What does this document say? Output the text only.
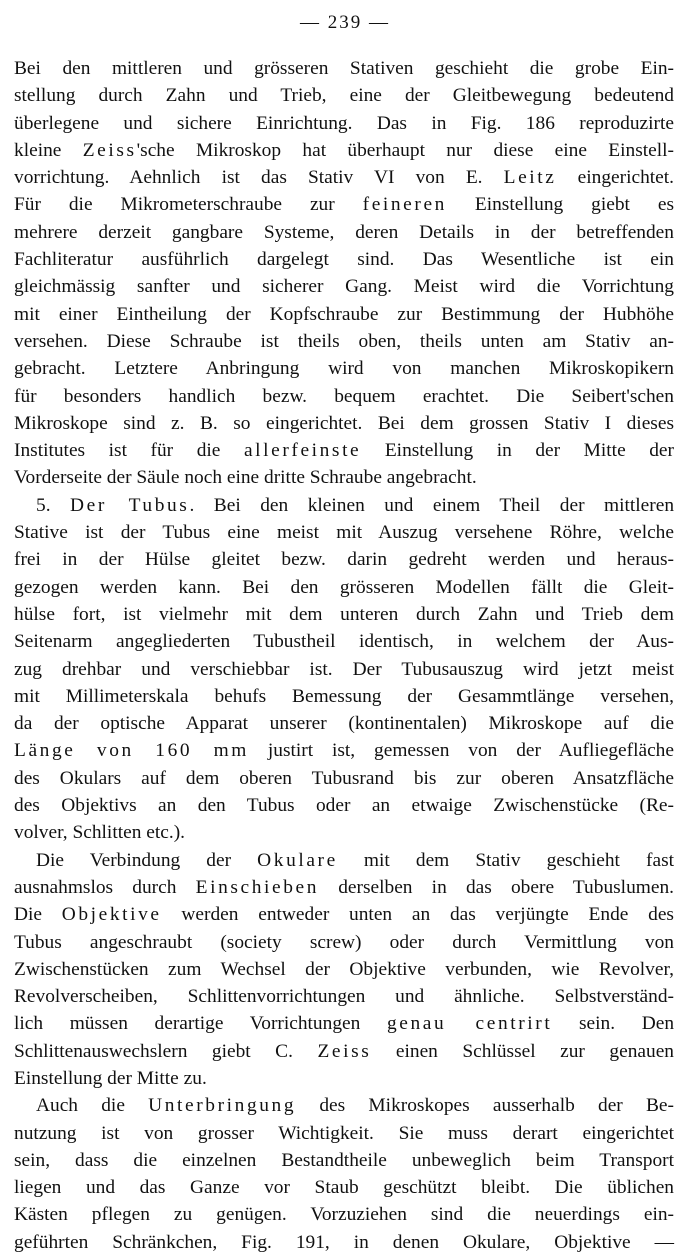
— 239 —
Bei den mittleren und grösseren Stativen geschieht die grobe Ein-
stellung durch Zahn und Trieb, eine der Gleitbewegung bedeutend
überlegene und sichere Einrichtung. Das in Fig. 186 reproduzirte
kleine Zeiss'sche Mikroskop hat überhaupt nur diese eine Einstell-
vorrichtung. Aehnlich ist das Stativ VI von E. Leitz eingerichtet.
Für die Mikrometerschraube zur feineren Einstellung giebt es
mehrere derzeit gangbare Systeme, deren Details in der betreffenden
Fachliteratur ausführlich dargelegt sind. Das Wesentliche ist ein
gleichmässig sanfter und sicherer Gang. Meist wird die Vorrichtung
mit einer Eintheilung der Kopfschraube zur Bestimmung der Hubhöhe
versehen. Diese Schraube ist theils oben, theils unten am Stativ an-
gebracht. Letztere Anbringung wird von manchen Mikroskopikern
für besonders handlich bezw. bequem erachtet. Die Seibert'schen
Mikroskope sind z. B. so eingerichtet. Bei dem grossen Stativ I dieses
Institutes ist für die allerfeinste Einstellung in der Mitte der
Vorderseite der Säule noch eine dritte Schraube angebracht.
5. Der Tubus. Bei den kleinen und einem Theil der mittleren
Stative ist der Tubus eine meist mit Auszug versehene Röhre, welche
frei in der Hülse gleitet bezw. darin gedreht werden und heraus-
gezogen werden kann. Bei den grösseren Modellen fällt die Gleit-
hülse fort, ist vielmehr mit dem unteren durch Zahn und Trieb dem
Seitenarm angegliederten Tubustheil identisch, in welchem der Aus-
zug drehbar und verschiebbar ist. Der Tubusauszug wird jetzt meist
mit Millimeterskala behufs Bemessung der Gesammtlänge versehen,
da der optische Apparat unserer (kontinentalen) Mikroskope auf die
Länge von 160 mm justirt ist, gemessen von der Aufliegefläche
des Okulars auf dem oberen Tubusrand bis zur oberen Ansatzfläche
des Objektivs an den Tubus oder an etwaige Zwischenstücke (Re-
volver, Schlitten etc.).
Die Verbindung der Okulare mit dem Stativ geschieht fast
ausnahmslos durch Einschieben derselben in das obere Tubuslumen.
Die Objektive werden entweder unten an das verjüngte Ende des
Tubus angeschraubt (society screw) oder durch Vermittlung von
Zwischenstücken zum Wechsel der Objektive verbunden, wie Revolver,
Revolverscheiben, Schlittenvorrichtungen und ähnliche. Selbstverständ-
lich müssen derartige Vorrichtungen genau centrirt sein. Den
Schlittenauswechslern giebt C. Zeiss einen Schlüssel zur genauen
Einstellung der Mitte zu.
Auch die Unterbringung des Mikroskopes ausserhalb der Be-
nutzung ist von grosser Wichtigkeit. Sie muss derart eingerichtet
sein, dass die einzelnen Bestandtheile unbeweglich beim Transport
liegen und das Ganze vor Staub geschützt bleibt. Die üblichen
Kästen pflegen zu genügen. Vorzuziehen sind die neuerdings ein-
geführten Schränkchen, Fig. 191, in denen Okulare, Objektive —
